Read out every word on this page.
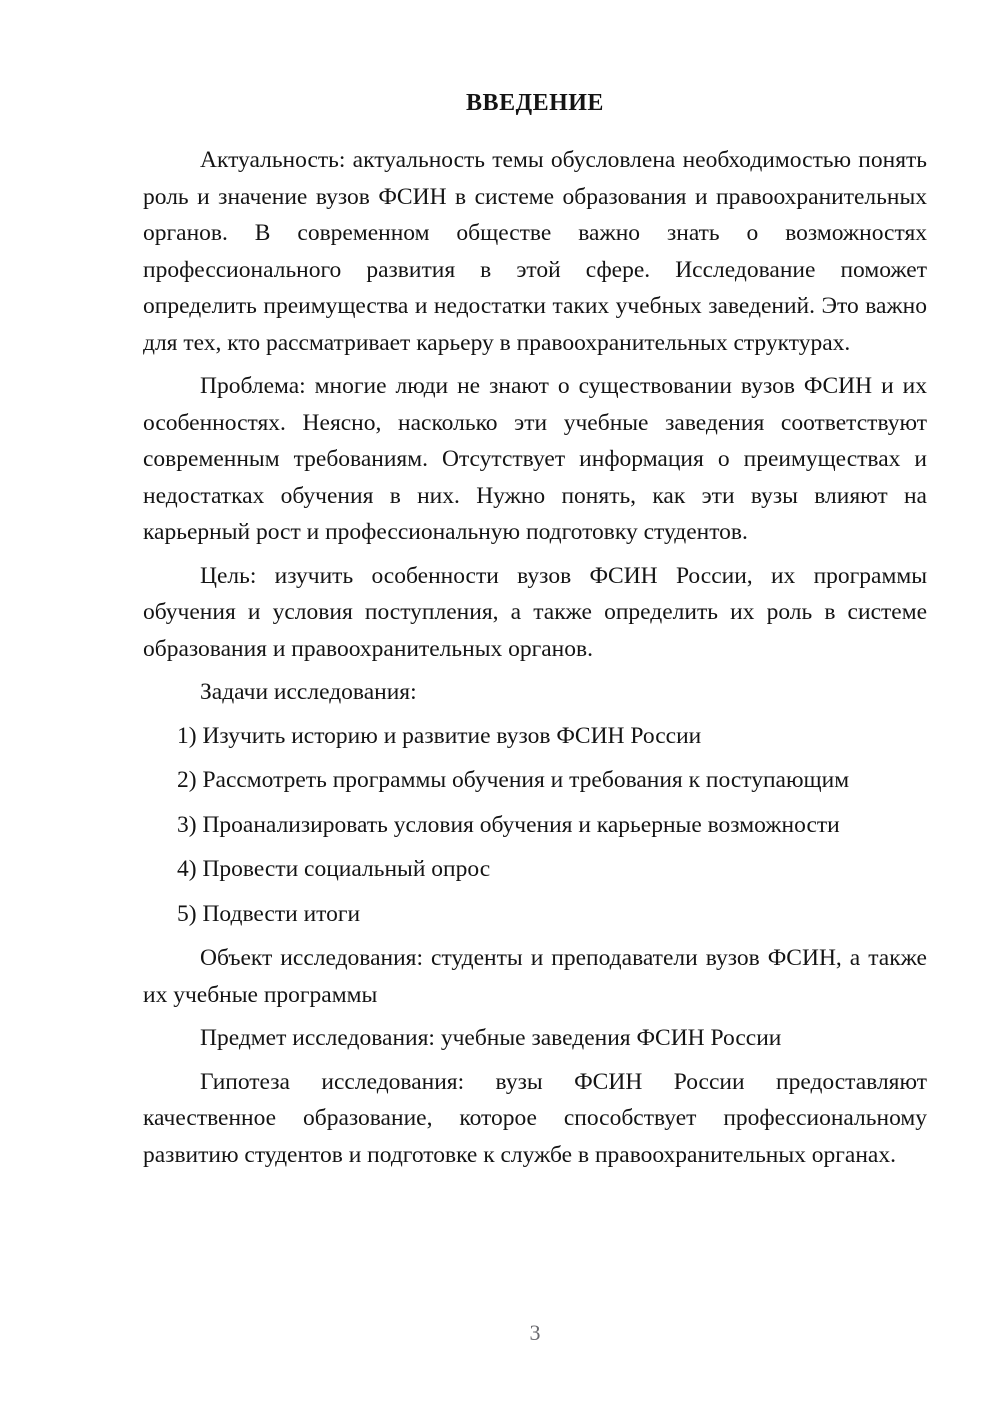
ВВЕДЕНИЕ

Актуальность: актуальность темы обусловлена необходимостью понять роль и значение вузов ФСИН в системе образования и правоохранительных органов. В современном обществе важно знать о возможностях профессионального развития в этой сфере. Исследование поможет определить преимущества и недостатки таких учебных заведений. Это важно для тех, кто рассматривает карьеру в правоохранительных структурах.

Проблема: многие люди не знают о существовании вузов ФСИН и их особенностях. Неясно, насколько эти учебные заведения соответствуют современным требованиям. Отсутствует информация о преимуществах и недостатках обучения в них. Нужно понять, как эти вузы влияют на карьерный рост и профессиональную подготовку студентов.

Цель: изучить особенности вузов ФСИН России, их программы обучения и условия поступления, а также определить их роль в системе образования и правоохранительных органов.

Задачи исследования:

1) Изучить историю и развитие вузов ФСИН России

2) Рассмотреть программы обучения и требования к поступающим

3) Проанализировать условия обучения и карьерные возможности

4) Провести социальный опрос

5) Подвести итоги

Объект исследования: студенты и преподаватели вузов ФСИН, а также их учебные программы

Предмет исследования: учебные заведения ФСИН России

Гипотеза исследования: вузы ФСИН России предоставляют качественное образование, которое способствует профессиональному развитию студентов и подготовке к службе в правоохранительных органах.

3
